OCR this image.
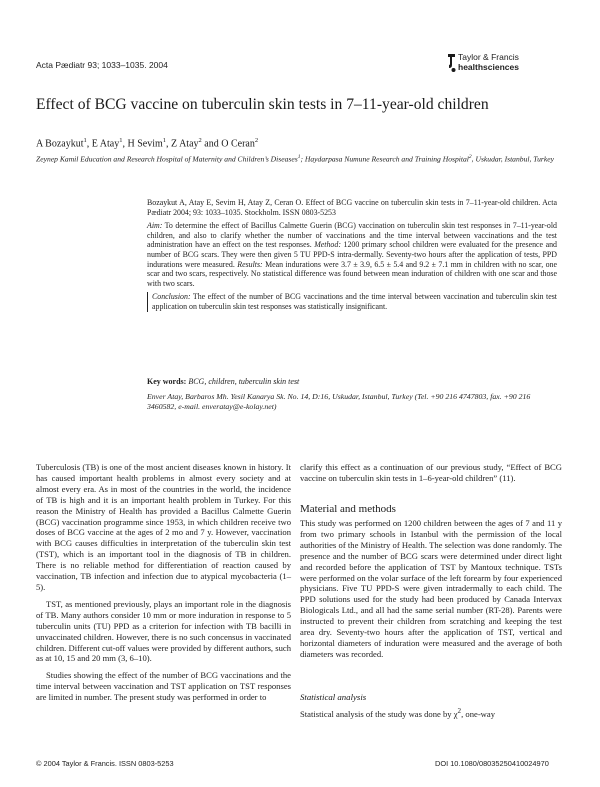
Acta Pædiatr 93; 1033–1035. 2004
Taylor & Francis
healthsciences
Effect of BCG vaccine on tuberculin skin tests in 7–11-year-old children
A Bozaykut$^1$, E Atay$^1$, H Sevim$^1$, Z Atay$^2$ and O Ceran$^2$
Zeynep Kamil Education and Research Hospital of Maternity and Children’s Diseases$^1$; Haydarpasa Numune Research and Training Hospital$^2$, Uskudar, Istanbul, Turkey

Bozaykut A, Atay E, Sevim H, Atay Z, Ceran O. Effect of BCG vaccine on tuberculin skin tests in 7–11-year-old children. Acta Pædiatr 2004; 93: 1033–1035. Stockholm. ISSN 0803-5253

Aim: To determine the effect of Bacillus Calmette Guerin (BCG) vaccination on tuberculin skin test responses in 7–11-year-old children, and also to clarify whether the number of vaccinations and the time interval between vaccinations and the test administration have an effect on the test responses. Method: 1200 primary school children were evaluated for the presence and number of BCG scars. They were then given 5 TU PPD-S intra-dermally. Seventy-two hours after the application of tests, PPD indurations were measured. Results: Mean indurations were 3.7 ± 3.9, 6.5 ± 5.4 and 9.2 ± 7.1 mm in children with no scar, one scar and two scars, respectively. No statistical difference was found between mean induration of children with one scar and those with two scars.

Conclusion: The effect of the number of BCG vaccinations and the time interval between vaccination and tuberculin skin test application on tuberculin skin test responses was statistically insignificant.

Key words: BCG, children, tuberculin skin test
Enver Atay, Barbaros Mh. Yesil Kanarya Sk. No. 14, D:16, Uskudar, Istanbul, Turkey (Tel. +90 216 4747803, fax. +90 216 3460582, e-mail. enveratay@e-kolay.net)

Tuberculosis (TB) is one of the most ancient diseases known in history. It has caused important health problems in almost every society and at almost every era. As in most of the countries in the world, the incidence of TB is high and it is an important health problem in Turkey. For this reason the Ministry of Health has provided a Bacillus Calmette Guerin (BCG) vaccination programme since 1953, in which children receive two doses of BCG vaccine at the ages of 2 mo and 7 y. However, vaccination with BCG causes difficulties in interpretation of the tuberculin skin test (TST), which is an important tool in the diagnosis of TB in children. There is no reliable method for differentiation of reaction caused by vaccination, TB infection and infection due to atypical mycobacteria (1–5).

TST, as mentioned previously, plays an important role in the diagnosis of TB. Many authors consider 10 mm or more induration in response to 5 tuberculin units (TU) PPD as a criterion for infection with TB bacilli in unvaccinated children. However, there is no such concensus in vaccinated children. Different cut-off values were provided by different authors, such as at 10, 15 and 20 mm (3, 6–10).

Studies showing the effect of the number of BCG vaccinations and the time interval between vaccination and TST application on TST responses are limited in number. The present study was performed in order to

clarify this effect as a continuation of our previous study, “Effect of BCG vaccine on tuberculin skin tests in 1–6-year-old children” (11).

Material and methods

This study was performed on 1200 children between the ages of 7 and 11 y from two primary schools in Istanbul with the permission of the local authorities of the Ministry of Health. The selection was done randomly. The presence and the number of BCG scars were determined under direct light and recorded before the application of TST by Mantoux technique. TSTs were performed on the volar surface of the left forearm by four experienced physicians. Five TU PPD-S were given intradermally to each child. The PPD solutions used for the study had been produced by Canada Intervax Biologicals Ltd., and all had the same serial number (RT-28). Parents were instructed to prevent their children from scratching and keeping the test area dry. Seventy-two hours after the application of TST, vertical and horizontal diameters of induration were measured and the average of both diameters was recorded.

Statistical analysis

Statistical analysis of the study was done by $\chi^2$, one-way

© 2004 Taylor & Francis. ISSN 0803-5253	DOI 10.1080/08035250410024970
